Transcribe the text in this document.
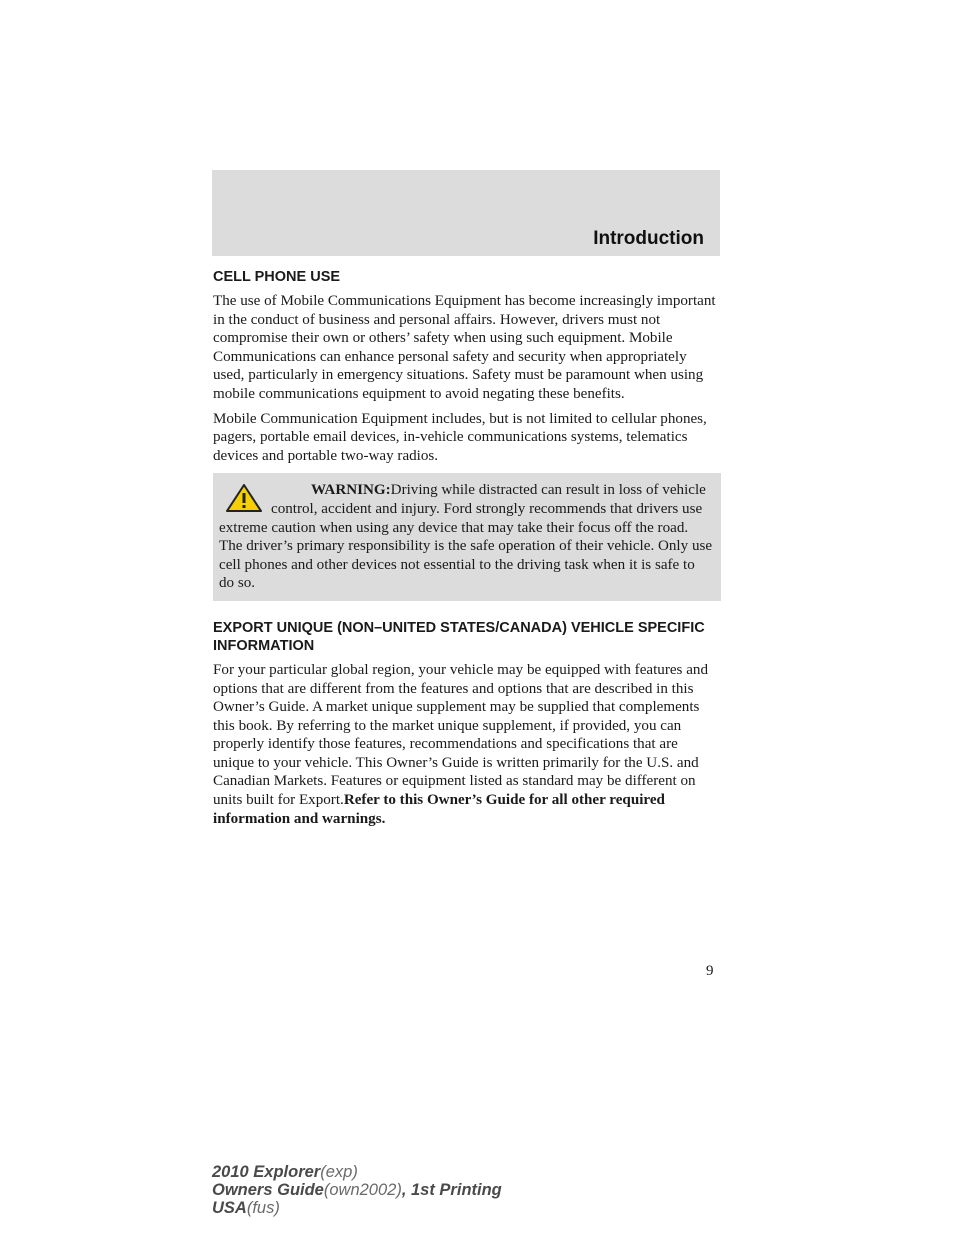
Introduction
CELL PHONE USE

The use of Mobile Communications Equipment has become increasingly important in the conduct of business and personal affairs. However, drivers must not compromise their own or others’ safety when using such equipment. Mobile Communications can enhance personal safety and security when appropriately used, particularly in emergency situations. Safety must be paramount when using mobile communications equipment to avoid negating these benefits.

Mobile Communication Equipment includes, but is not limited to cellular phones, pagers, portable email devices, in-vehicle communications systems, telematics devices and portable two-way radios.

WARNING:Driving while distracted can result in loss of vehicle control, accident and injury. Ford strongly recommends that drivers use extreme caution when using any device that may take their focus off the road. The driver’s primary responsibility is the safe operation of their vehicle. Only use cell phones and other devices not essential to the driving task when it is safe to do so.

EXPORT UNIQUE (NON–UNITED STATES/CANADA) VEHICLE SPECIFIC INFORMATION

For your particular global region, your vehicle may be equipped with features and options that are different from the features and options that are described in this Owner’s Guide. A market unique supplement may be supplied that complements this book. By referring to the market unique supplement, if provided, you can properly identify those features, recommendations and specifications that are unique to your vehicle. This Owner’s Guide is written primarily for the U.S. and Canadian Markets. Features or equipment listed as standard may be different on units built for Export.Refer to this Owner’s Guide for all other required information and warnings.

9
2010 Explorer(exp)
Owners Guide(own2002), 1st Printing
USA(fus)
